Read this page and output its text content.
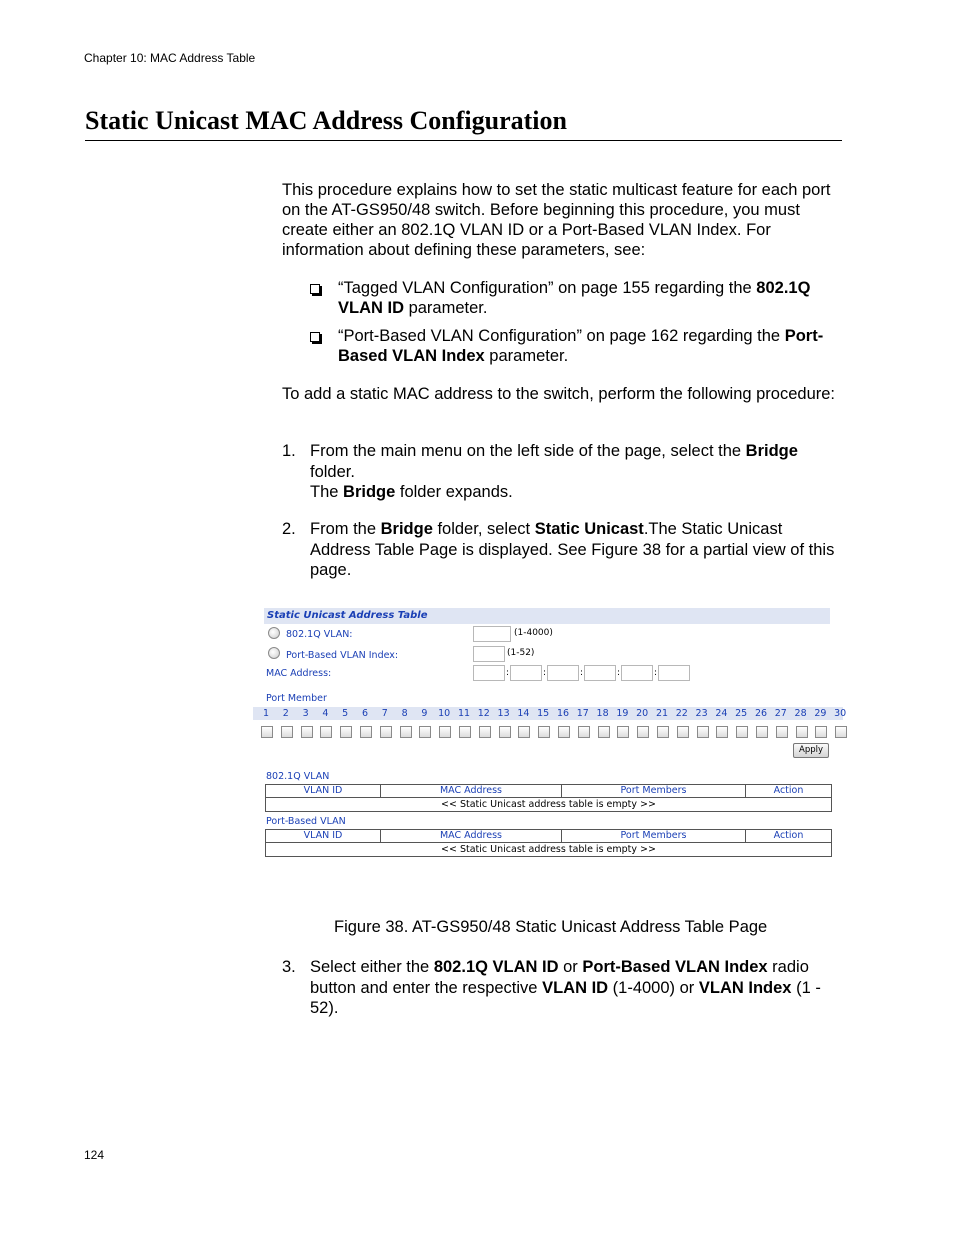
Chapter 10: MAC Address Table
Static Unicast MAC Address Configuration

This procedure explains how to set the static multicast feature for each port on the AT-GS950/48 switch. Before beginning this procedure, you must create either an 802.1Q VLAN ID or a Port-Based VLAN Index. For information about defining these parameters, see:

“Tagged VLAN Configuration” on page 155 regarding the 802.1Q VLAN ID parameter.
“Port-Based VLAN Configuration” on page 162 regarding the Port-Based VLAN Index parameter.

To add a static MAC address to the switch, perform the following procedure:

1. From the main menu on the left side of the page, select the Bridge folder.
The Bridge folder expands.
2. From the Bridge folder, select Static Unicast.The Static Unicast Address Table Page is displayed. See Figure 38 for a partial view of this page.
Static Unicast Address Table
802.1Q VLAN:	(1-4000)
Port-Based VLAN Index:	(1-52)
MAC Address:	:	:	:	:	:
Port Member
1	2	3	4	5	6	7	8	9	10 11 12 13 14 15 16 17 18 19 20 21 22 23 24 25 26 27 28 29 30
Apply
802.1Q VLAN
VLAN ID	MAC Address	Port Members	Action
<< Static Unicast address table is empty >>
Port-Based VLAN
VLAN ID	MAC Address	Port Members	Action
<< Static Unicast address table is empty >>
Figure 38. AT-GS950/48 Static Unicast Address Table Page
3. Select either the 802.1Q VLAN ID or Port-Based VLAN Index radio button and enter the respective VLAN ID (1-4000) or VLAN Index (1 - 52).
124
